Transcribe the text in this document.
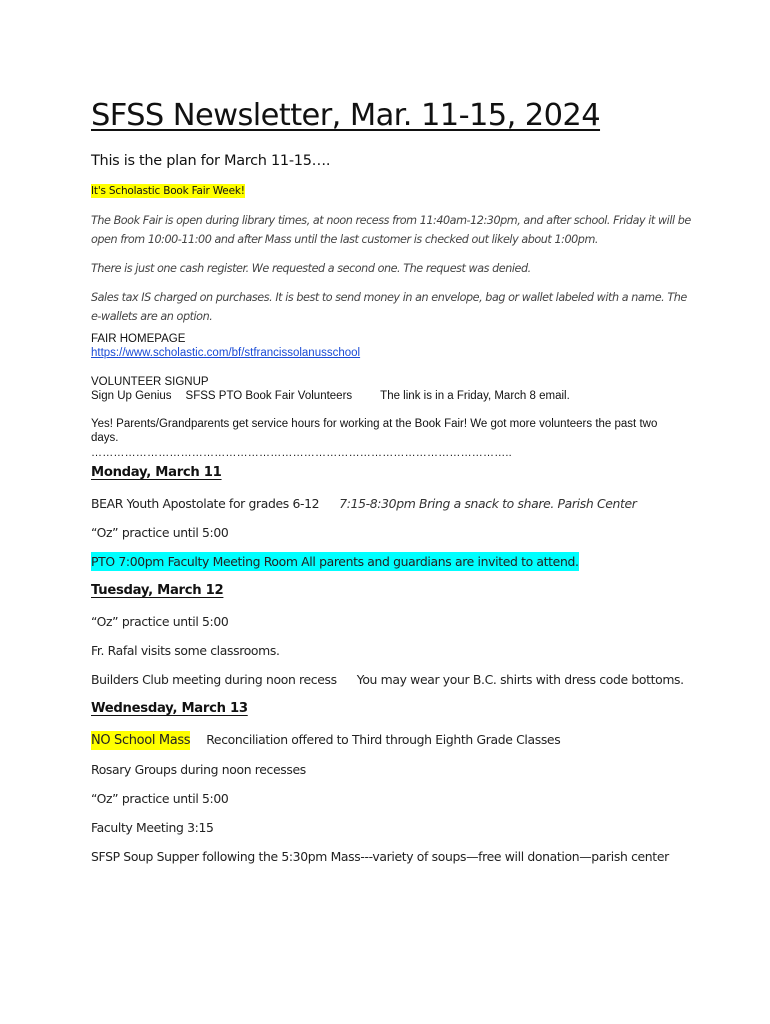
SFSS Newsletter, Mar. 11-15, 2024
This is the plan for March 11-15….
It's Scholastic Book Fair Week!

The Book Fair is open during library times, at noon recess from 11:40am-12:30pm, and after school. Friday it will be open from 10:00-11:00 and after Mass until the last customer is checked out likely about 1:00pm.

There is just one cash register. We requested a second one. The request was denied.

Sales tax IS charged on purchases. It is best to send money in an envelope, bag or wallet labeled with a name. The e-wallets are an option.

FAIR HOMEPAGE
https://www.scholastic.com/bf/stfrancissolanusschool
VOLUNTEER SIGNUP
Sign Up Genius SFSS PTO Book Fair Volunteers The link is in a Friday, March 8 email.
Yes! Parents/Grandparents get service hours for working at the Book Fair! We got more volunteers the past two days.
…………………………………………………………………………………………………..
Monday, March 11
BEAR Youth Apostolate for grades 6-12 7:15-8:30pm Bring a snack to share. Parish Center
“Oz” practice until 5:00
PTO 7:00pm Faculty Meeting Room All parents and guardians are invited to attend.
Tuesday, March 12
“Oz” practice until 5:00
Fr. Rafal visits some classrooms.
Builders Club meeting during noon recess You may wear your B.C. shirts with dress code bottoms.
Wednesday, March 13
NO School Mass Reconciliation offered to Third through Eighth Grade Classes
Rosary Groups during noon recesses
“Oz” practice until 5:00
Faculty Meeting 3:15
SFSP Soup Supper following the 5:30pm Mass---variety of soups—free will donation—parish center
